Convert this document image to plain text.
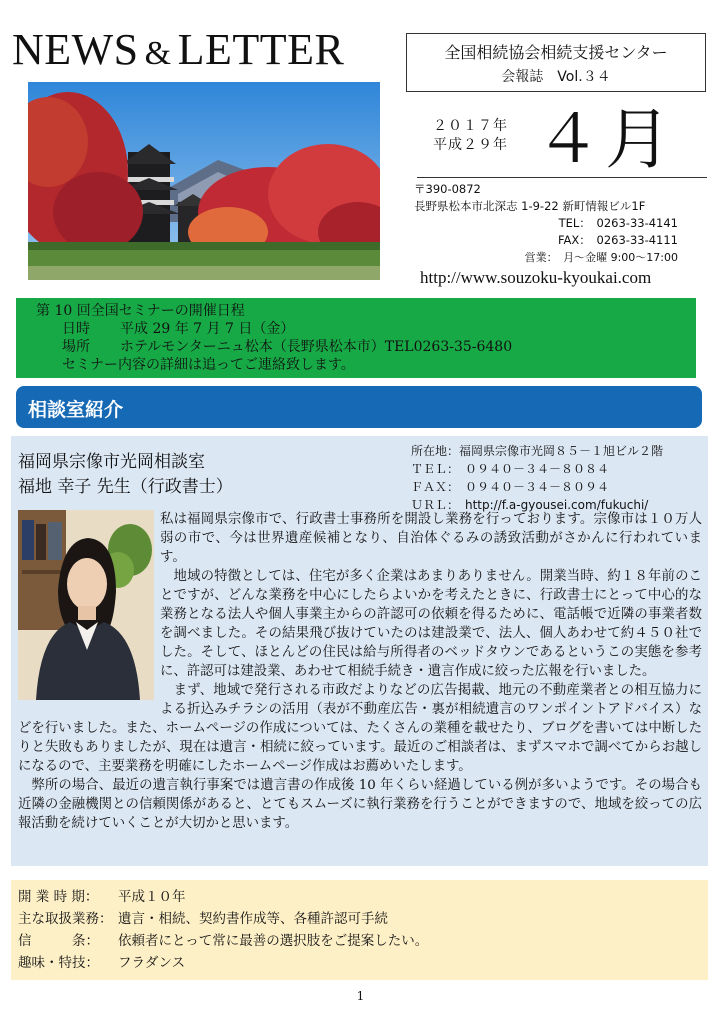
NEWS & LETTER	全国相続協会相続支援センター
会報誌　Vol.３４
２０１７年
平成２９年 ４月
〒390-0872
長野県松本市北深志 1-9-22 新町情報ビル1F
TEL：　0263-33-4141
FAX：　0263-33-4111
営業：　月～金曜 9:00～17:00
http://www.souzoku-kyoukai.com
第 10 回全国セミナーの開催日程
日時 平成 29 年 7 月 7 日（金）
場所 ホテルモンターニュ松本（長野県松本市）TEL0263-35-6480
セミナー内容の詳細は追ってご連絡致します。
相談室紹介
福岡県宗像市光岡相談室
福地 幸子 先生（行政書士）
所在地：福岡県宗像市光岡８５－１旭ビル２階
ＴＥＬ： ０９４０－３４－８０８４
ＦＡＸ： ０９４０－３４－８０９４
ＵＲＬ： http://f.a-gyousei.com/fukuchi/

私は福岡県宗像市で、行政書士事務所を開設し業務を行っております。宗像市は１０万人弱の市で、今は世界遺産候補となり、自治体ぐるみの誘致活動がさかんに行われています。

　地域の特徴としては、住宅が多く企業はあまりありません。開業当時、約１８年前のことですが、どんな業務を中心にしたらよいかを考えたときに、行政書士にとって中心的な業務となる法人や個人事業主からの許認可の依頼を得るために、電話帳で近隣の事業者数を調べました。その結果飛び抜けていたのは建設業で、法人、個人あわせて約４５０社でした。そして、ほとんどの住民は給与所得者のベッドタウンであるというこの実態を参考に、許認可は建設業、あわせて相続手続き・遺言作成に絞った広報を行いました。

　まず、地域で発行される市政だよりなどの広告掲載、地元の不動産業者との相互協力による折込みチラシの活用（表が不動産広告・裏が相続遺言のワンポイントアドバイス）などを行いました。また、ホームページの作成については、たくさんの業種を載せたり、ブログを書いては中断したりと失敗もありましたが、現在は遺言・相続に絞っています。最近のご相談者は、まずスマホで調べてからお越しになるので、主要業務を明確にしたホームページ作成はお薦めいたします。

　弊所の場合、最近の遺言執行事案では遺言書の作成後 10 年くらい経過している例が多いようです。その場合も近隣の金融機関との信頼関係があると、とてもスムーズに執行業務を行うことができますので、地域を絞っての広報活動を続けていくことが大切かと思います。

開 業 時 期： 平成１０年
主な取扱業務： 遺言・相続、契約書作成等、各種許認可手続
信　　　条： 依頼者にとって常に最善の選択肢をご提案したい。
趣味・特技： フラダンス
1
